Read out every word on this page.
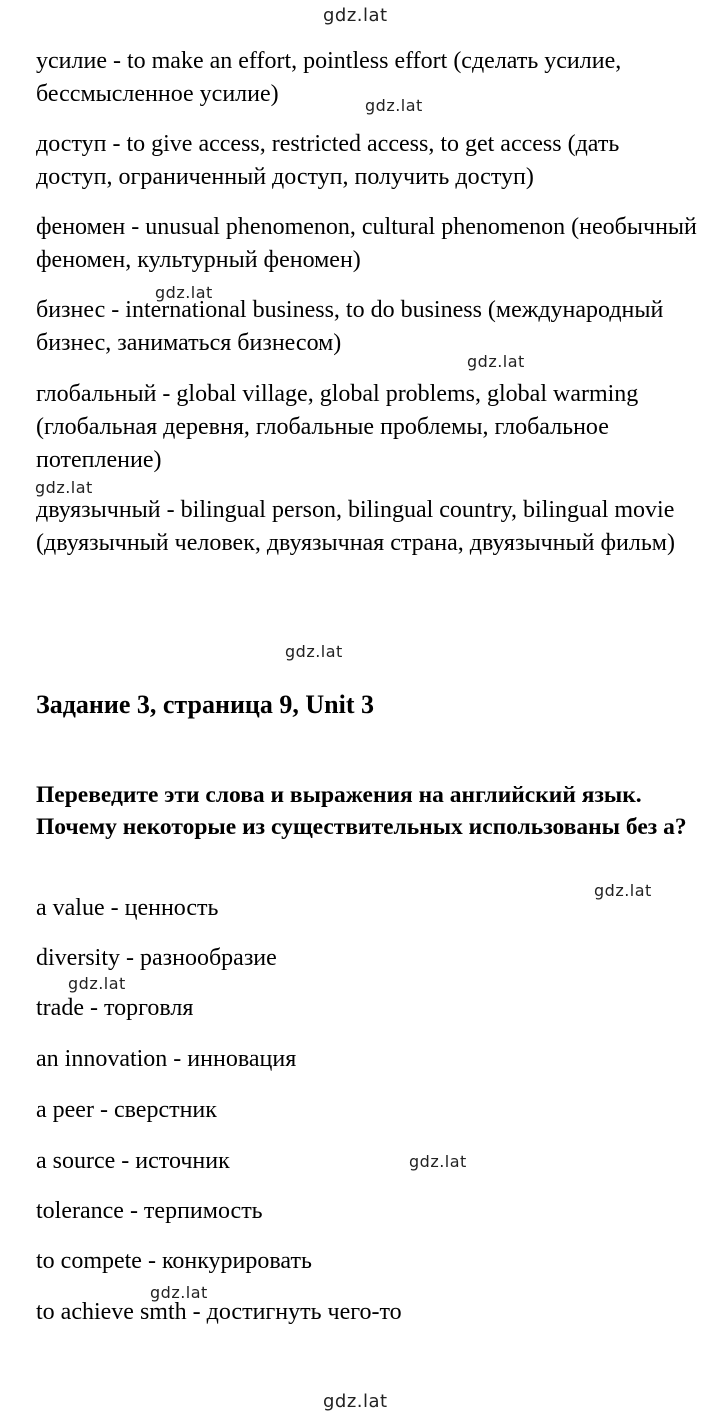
gdz.lat
gdz.lat
gdz.lat
gdz.lat
gdz.lat
gdz.lat
gdz.lat
gdz.lat
gdz.lat
gdz.lat
gdz.lat

усилие - to make an effort, pointless effort (сделать усилие, бессмысленное усилие)

доступ - to give access, restricted access, to get access (дать доступ, ограниченный доступ, получить доступ)

феномен - unusual phenomenon, cultural phenomenon (необычный феномен, культурный феномен)

бизнес - international business, to do business (международный бизнес, заниматься бизнесом)

глобальный - global village, global problems, global warming (глобальная деревня, глобальные проблемы, глобальное потепление)

двуязычный - bilingual person, bilingual country, bilingual movie (двуязычный человек, двуязычная страна, двуязычный фильм)

Задание 3, страница 9, Unit 3

Переведите эти слова и выражения на английский язык. Почему некоторые из существительных использованы без a?

a value - ценность

diversity - разнообразие

trade - торговля

an innovation - инновация

a peer - сверстник

a source - источник

tolerance - терпимость

to compete - конкурировать

to achieve smth - достигнуть чего-то
